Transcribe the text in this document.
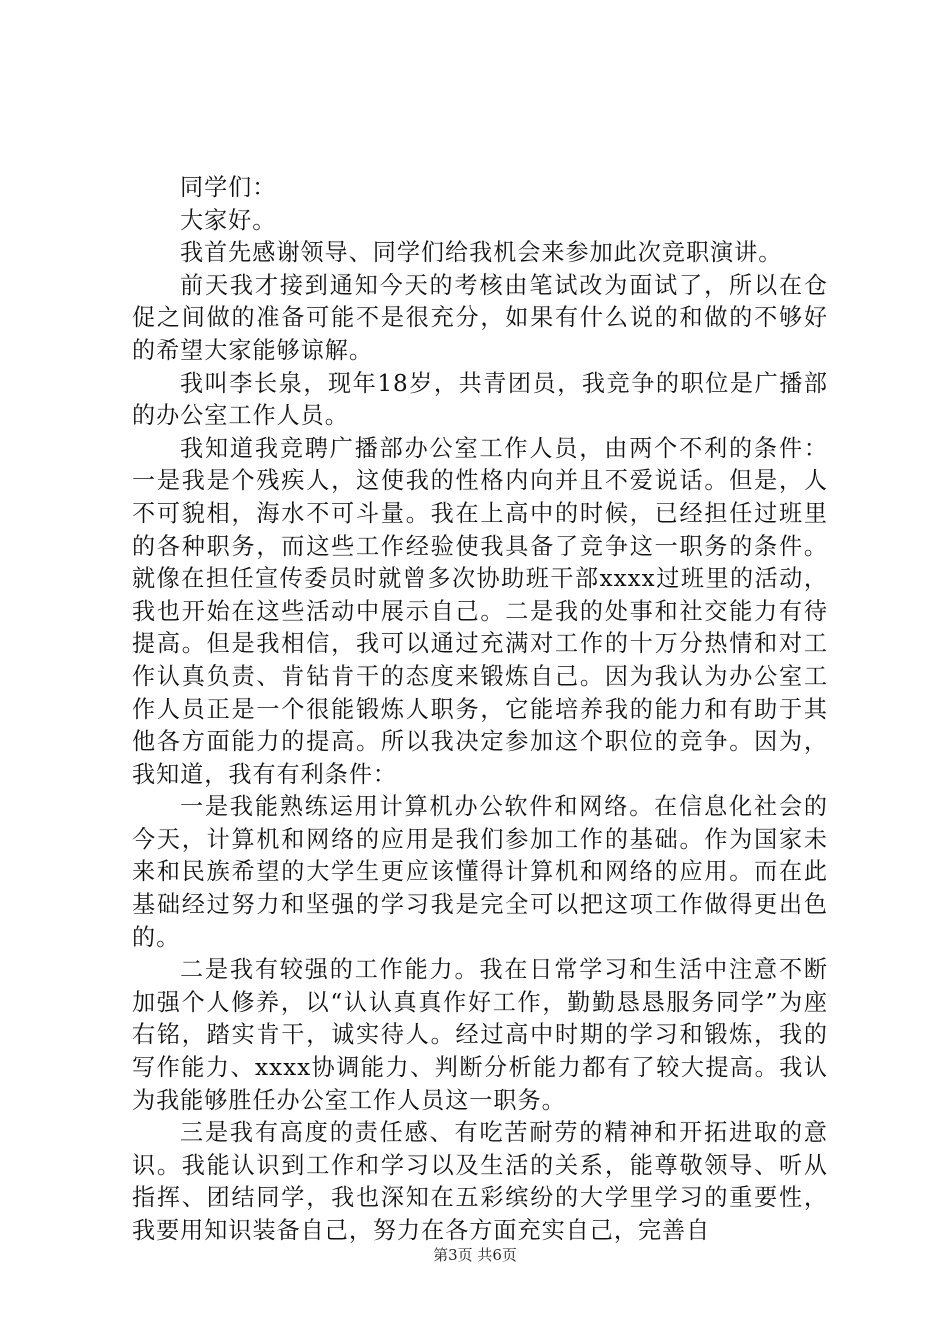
同学们：

大家好。

我首先感谢领导、同学们给我机会来参加此次竞职演讲。

前天我才接到通知今天的考核由笔试改为面试了，所以在仓促之间做的准备可能不是很充分，如果有什么说的和做的不够好的希望大家能够谅解。

我叫李长泉，现年18岁，共青团员，我竞争的职位是广播部的办公室工作人员。

我知道我竞聘广播部办公室工作人员，由两个不利的条件：一是我是个残疾人，这使我的性格内向并且不爱说话。但是，人不可貌相，海水不可斗量。我在上高中的时候，已经担任过班里的各种职务，而这些工作经验使我具备了竞争这一职务的条件。就像在担任宣传委员时就曾多次协助班干部xxxx过班里的活动，我也开始在这些活动中展示自己。二是我的处事和社交能力有待提高。但是我相信，我可以通过充满对工作的十万分热情和对工作认真负责、肯钻肯干的态度来锻炼自己。因为我认为办公室工作人员正是一个很能锻炼人职务，它能培养我的能力和有助于其他各方面能力的提高。所以我决定参加这个职位的竞争。因为，我知道，我有有利条件：

一是我能熟练运用计算机办公软件和网络。在信息化社会的今天，计算机和网络的应用是我们参加工作的基础。作为国家未来和民族希望的大学生更应该懂得计算机和网络的应用。而在此基础经过努力和坚强的学习我是完全可以把这项工作做得更出色的。

二是我有较强的工作能力。我在日常学习和生活中注意不断加强个人修养，以“认认真真作好工作，勤勤恳恳服务同学”为座右铭，踏实肯干，诚实待人。经过高中时期的学习和锻炼，我的写作能力、xxxx协调能力、判断分析能力都有了较大提高。我认为我能够胜任办公室工作人员这一职务。

三是我有高度的责任感、有吃苦耐劳的精神和开拓进取的意识。我能认识到工作和学习以及生活的关系，能尊敬领导、听从指挥、团结同学，我也深知在五彩缤纷的大学里学习的重要性，我要用知识装备自己，努力在各方面充实自己，完善自

第3页 共6页
